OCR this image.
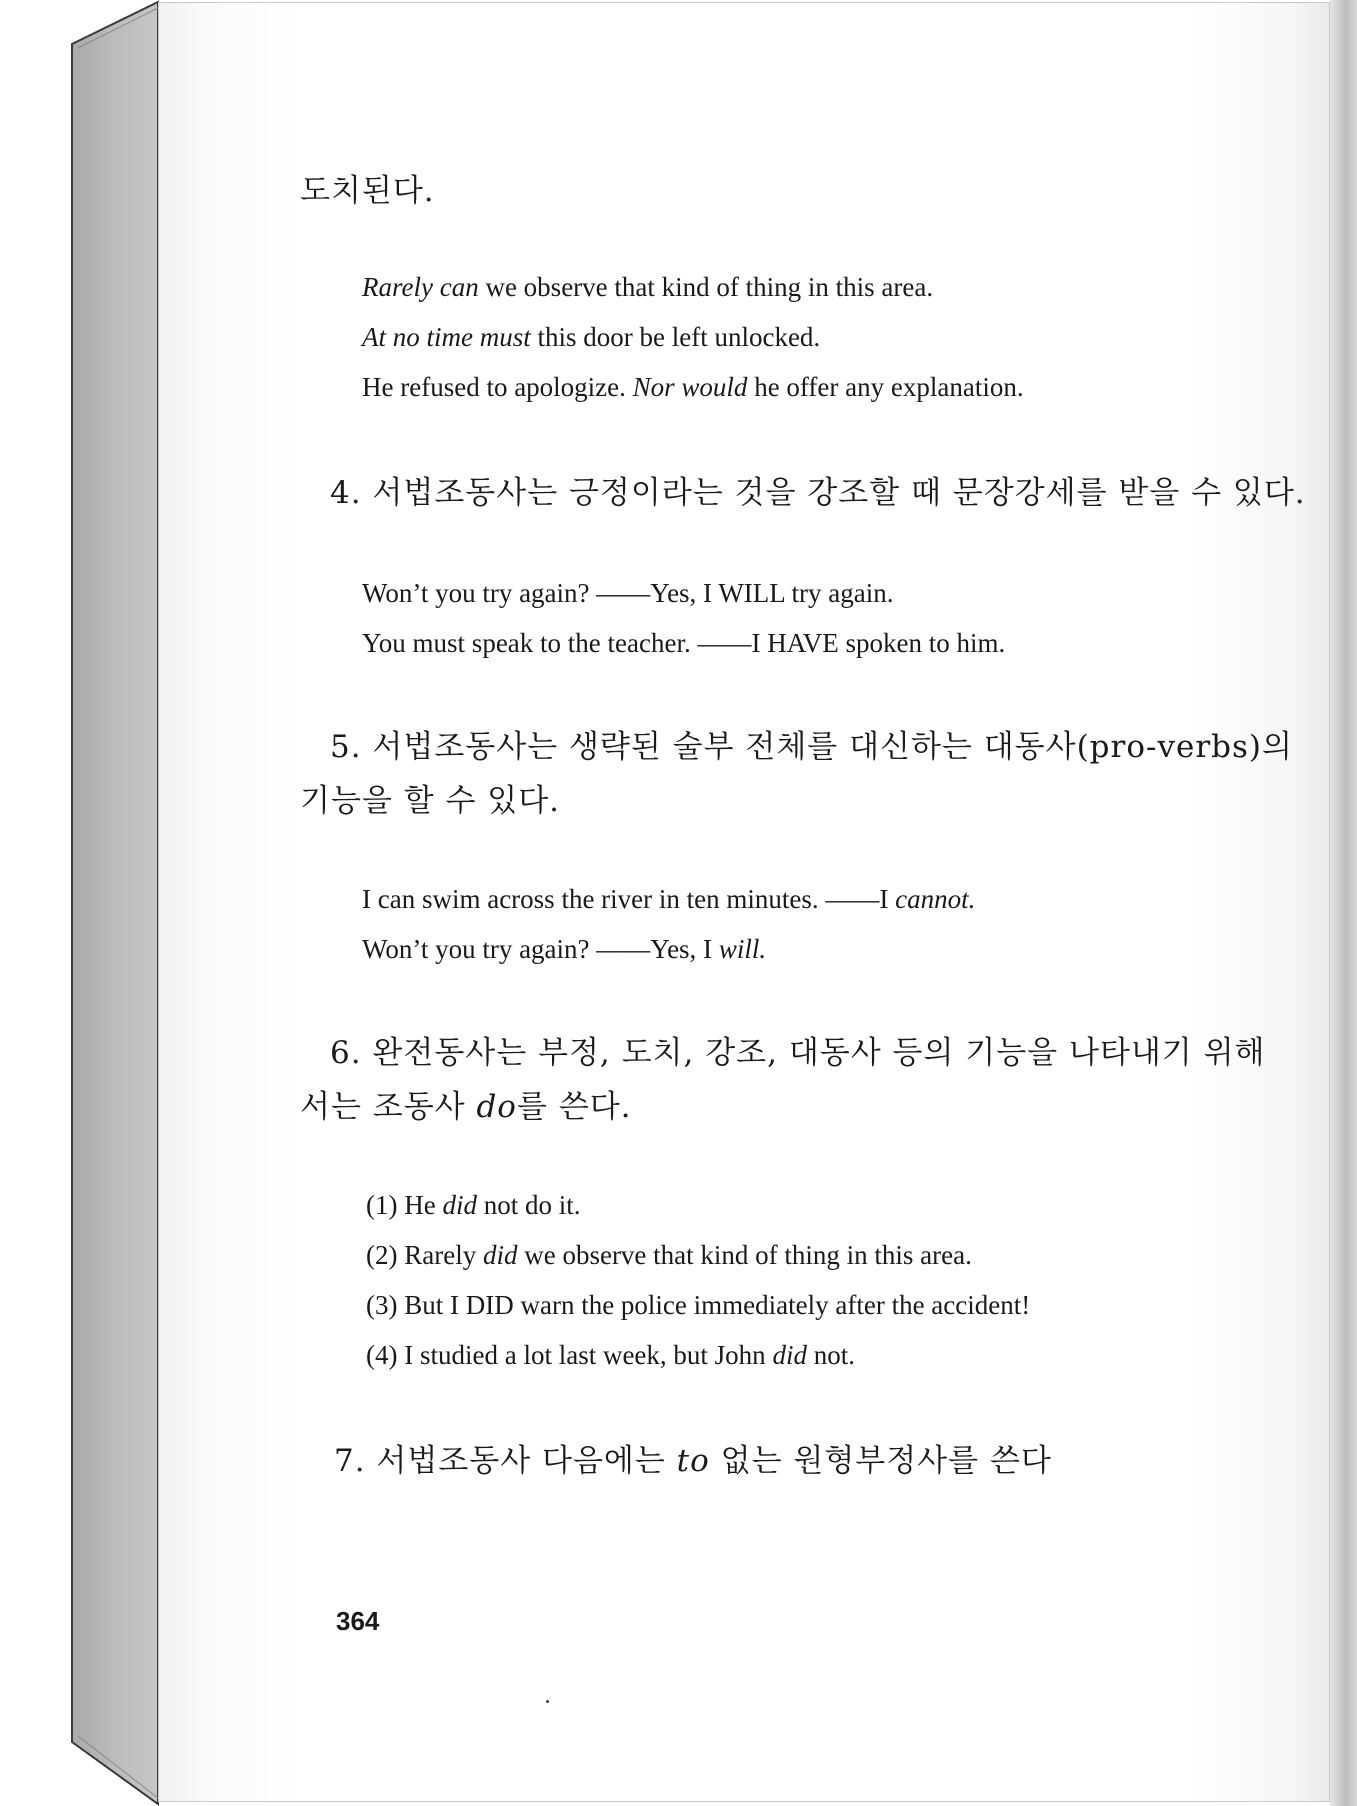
도치된다.
Rarely can we observe that kind of thing in this area.
At no time must this door be left unlocked.
He refused to apologize. Nor would he offer any explanation.
4. 서법조동사는 긍정이라는 것을 강조할 때 문장강세를 받을 수 있다.
Won’t you try again? ——Yes, I WILL try again.
You must speak to the teacher. ——I HAVE spoken to him.
5. 서법조동사는 생략된 술부 전체를 대신하는 대동사(pro-verbs)의
기능을 할 수 있다.
I can swim across the river in ten minutes. ——I cannot.
Won’t you try again? ——Yes, I will.
6. 완전동사는 부정, 도치, 강조, 대동사 등의 기능을 나타내기 위해
서는 조동사 do를 쓴다.
(1) He did not do it.
(2) Rarely did we observe that kind of thing in this area.
(3) But I DID warn the police immediately after the accident!
(4) I studied a lot last week, but John did not.
7. 서법조동사 다음에는 to 없는 원형부정사를 쓴다
364
